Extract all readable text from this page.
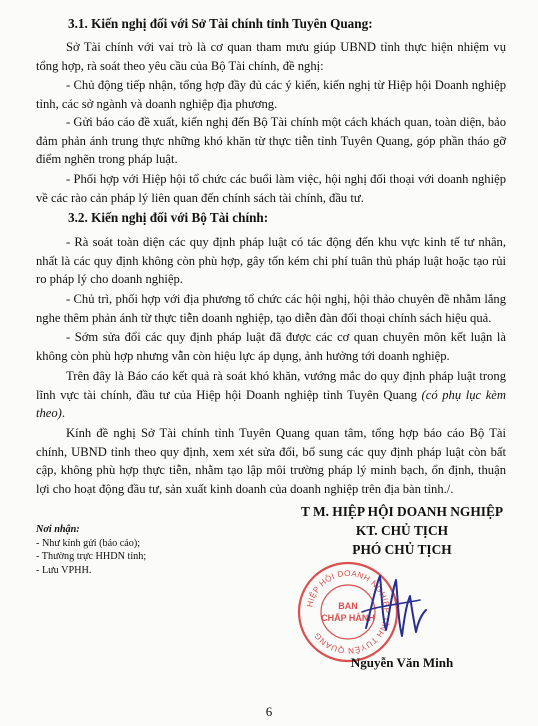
3.1. Kiến nghị đối với Sở Tài chính tỉnh Tuyên Quang:
Sở Tài chính với vai trò là cơ quan tham mưu giúp UBND tỉnh thực hiện nhiệm vụ tổng hợp, rà soát theo yêu cầu của Bộ Tài chính, đề nghị:
- Chủ động tiếp nhận, tổng hợp đầy đủ các ý kiến, kiến nghị từ Hiệp hội Doanh nghiệp tỉnh, các sở ngành và doanh nghiệp địa phương.
- Gửi báo cáo đề xuất, kiến nghị đến Bộ Tài chính một cách khách quan, toàn diện, bảo đảm phản ánh trung thực những khó khăn từ thực tiễn tỉnh Tuyên Quang, góp phần tháo gỡ điểm nghẽn trong pháp luật.
- Phối hợp với Hiệp hội tổ chức các buổi làm việc, hội nghị đối thoại với doanh nghiệp về các rào cản pháp lý liên quan đến chính sách tài chính, đầu tư.
3.2. Kiến nghị đối với Bộ Tài chính:
- Rà soát toàn diện các quy định pháp luật có tác động đến khu vực kinh tế tư nhân, nhất là các quy định không còn phù hợp, gây tốn kém chi phí tuân thủ pháp luật hoặc tạo rủi ro pháp lý cho doanh nghiệp.
- Chủ trì, phối hợp với địa phương tổ chức các hội nghị, hội thảo chuyên đề nhằm lắng nghe thêm phản ánh từ thực tiễn doanh nghiệp, tạo diễn đàn đối thoại chính sách hiệu quả.
- Sớm sửa đổi các quy định pháp luật đã được các cơ quan chuyên môn kết luận là không còn phù hợp nhưng vẫn còn hiệu lực áp dụng, ảnh hưởng tới doanh nghiệp.
Trên đây là Báo cáo kết quả rà soát khó khăn, vướng mắc do quy định pháp luật trong lĩnh vực tài chính, đầu tư của Hiệp hội Doanh nghiệp tỉnh Tuyên Quang (có phụ lục kèm theo).
Kính đề nghị Sở Tài chính tỉnh Tuyên Quang quan tâm, tổng hợp báo cáo Bộ Tài chính, UBND tỉnh theo quy định, xem xét sửa đổi, bổ sung các quy định pháp luật còn bất cập, không phù hợp thực tiễn, nhằm tạo lập môi trường pháp lý minh bạch, ổn định, thuận lợi cho hoạt động đầu tư, sản xuất kinh doanh của doanh nghiệp trên địa bàn tỉnh./.
Nơi nhận:
- Như kính gửi (báo cáo);
- Thường trực HHDN tỉnh;
- Lưu VPHH.
T M. HIỆP HỘI DOANH NGHIỆP
KT. CHỦ TỊCH
PHÓ CHỦ TỊCH
HIỆP HỘI DOANH NGHIỆP TỈNH TUYÊN QUANG
BAN
CHẤP HÀNH
Nguyễn Văn Minh
6
